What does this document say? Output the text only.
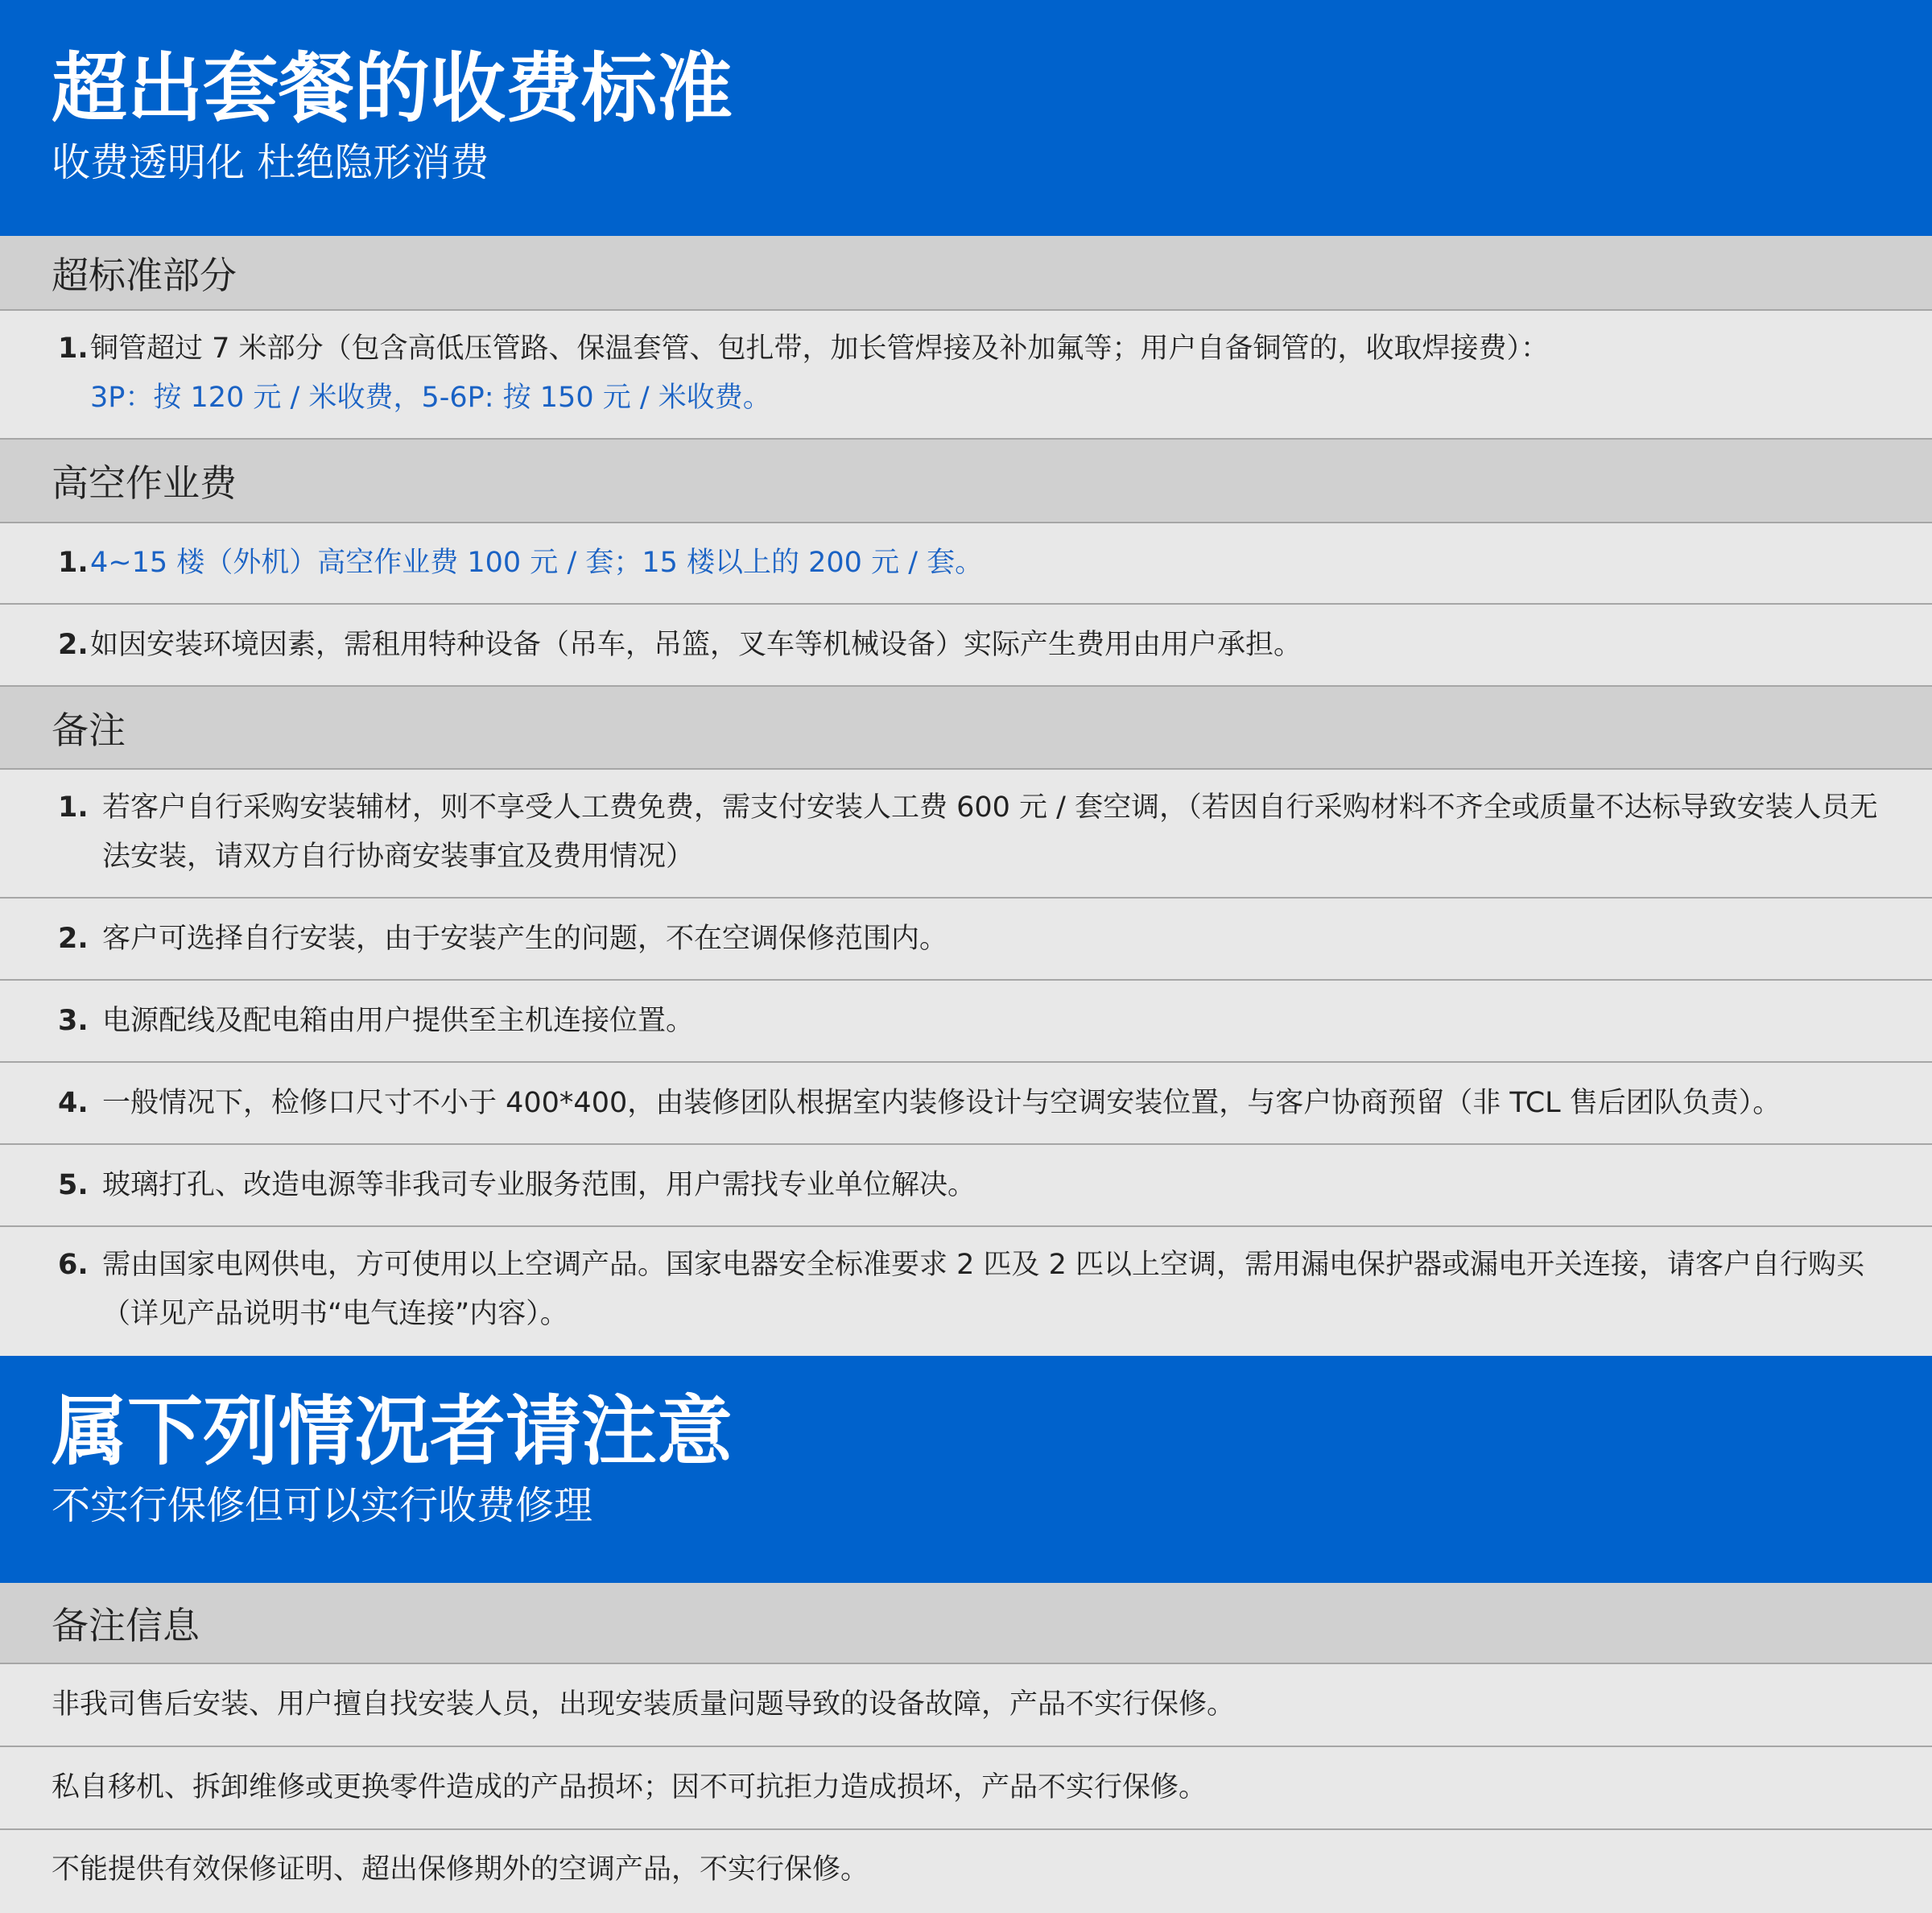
超出套餐的收费标准
收费透明化 杜绝隐形消费
超标准部分
1. 铜管超过 7 米部分（包含高低压管路、保温套管、包扎带，加长管焊接及补加氟等；用户自备铜管的，收取焊接费）：
3P：按 120 元 / 米收费，5-6P: 按 150 元 / 米收费。
高空作业费
1. 4~15 楼（外机）高空作业费 100 元 / 套；15 楼以上的 200 元 / 套。
2. 如因安装环境因素，需租用特种设备（吊车，吊篮，叉车等机械设备）实际产生费用由用户承担。
备注
1. 若客户自行采购安装辅材，则不享受人工费免费，需支付安装人工费 600 元 / 套空调，（若因自行采购材料不齐全或质量不达标导致安装人员无法安装，请双方自行协商安装事宜及费用情况）
2. 客户可选择自行安装，由于安装产生的问题，不在空调保修范围内。
3. 电源配线及配电箱由用户提供至主机连接位置。
4. 一般情况下，检修口尺寸不小于 400*400，由装修团队根据室内装修设计与空调安装位置，与客户协商预留（非 TCL 售后团队负责）。
5. 玻璃打孔、改造电源等非我司专业服务范围，用户需找专业单位解决。
6. 需由国家电网供电，方可使用以上空调产品。国家电器安全标准要求 2 匹及 2 匹以上空调，需用漏电保护器或漏电开关连接，请客户自行购买（详见产品说明书“电气连接”内容）。
属下列情况者请注意
不实行保修但可以实行收费修理
备注信息
非我司售后安装、用户擅自找安装人员，出现安装质量问题导致的设备故障，产品不实行保修。
私自移机、拆卸维修或更换零件造成的产品损坏；因不可抗拒力造成损坏，产品不实行保修。
不能提供有效保修证明、超出保修期外的空调产品，不实行保修。
